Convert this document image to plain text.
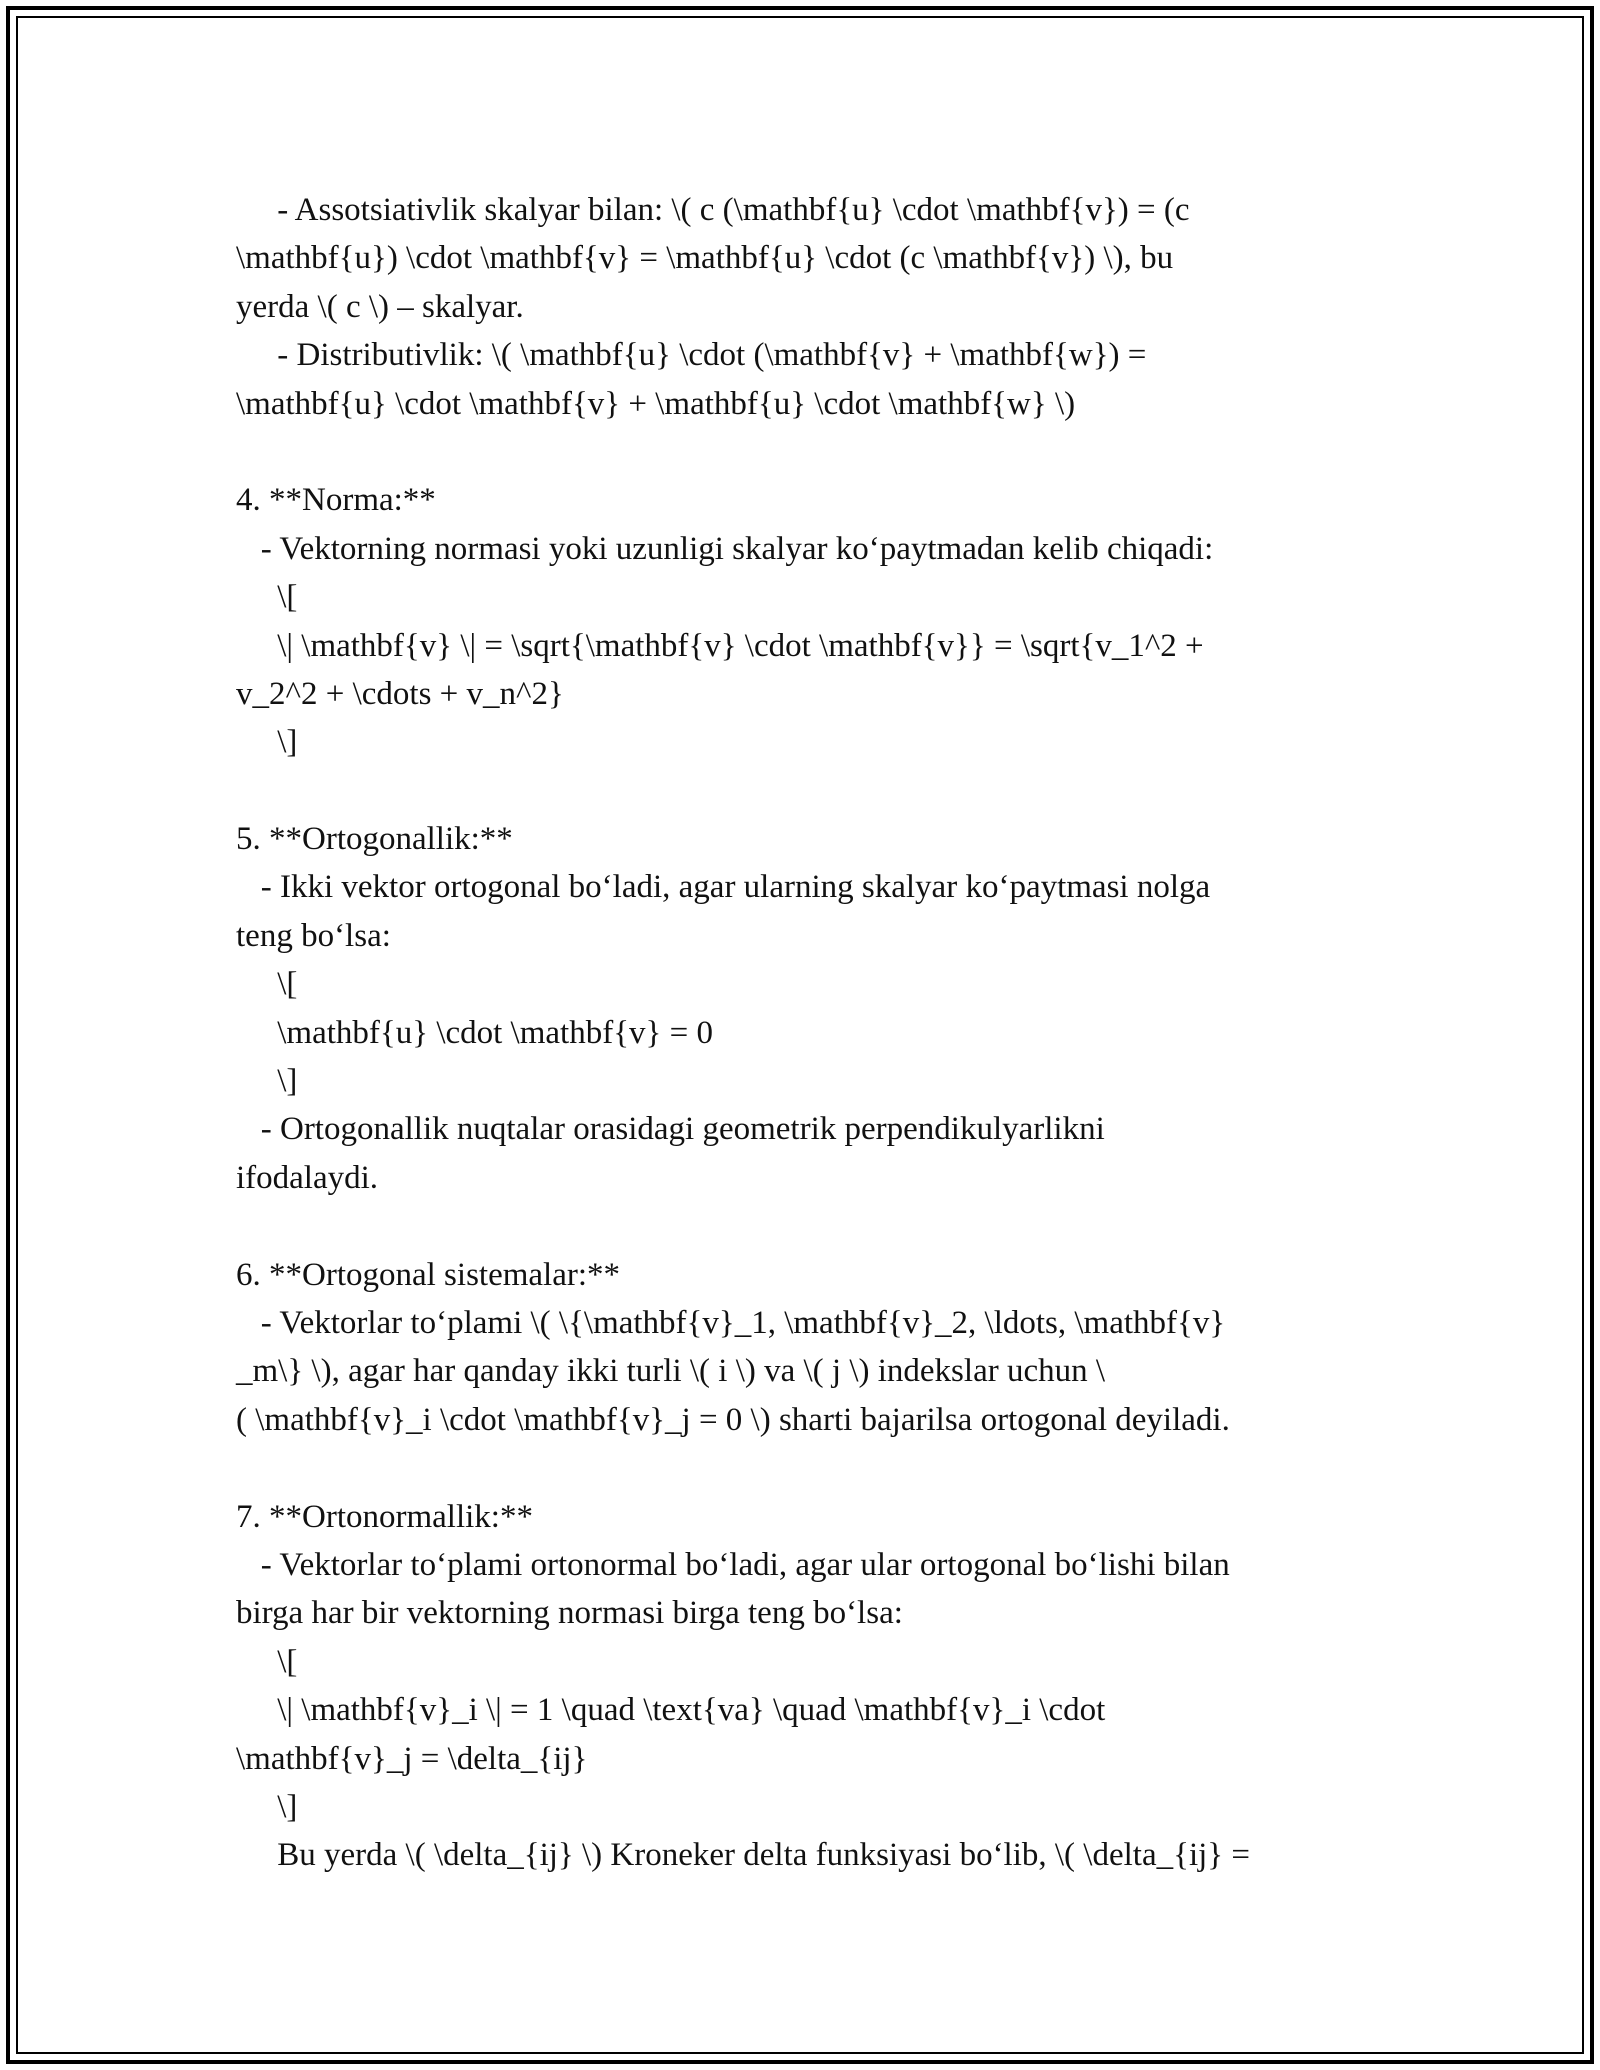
- Assotsiativlik skalyar bilan: \( c (\mathbf{u} \cdot \mathbf{v}) = (c
\mathbf{u}) \cdot \mathbf{v} = \mathbf{u} \cdot (c \mathbf{v}) \), bu
yerda \( c \) – skalyar.
- Distributivlik: \( \mathbf{u} \cdot (\mathbf{v} + \mathbf{w}) =
\mathbf{u} \cdot \mathbf{v} + \mathbf{u} \cdot \mathbf{w} \)
4. **Norma:**
- Vektorning normasi yoki uzunligi skalyar ko‘paytmadan kelib chiqadi:
\[
\| \mathbf{v} \| = \sqrt{\mathbf{v} \cdot \mathbf{v}} = \sqrt{v_1^2 +
v_2^2 + \cdots + v_n^2}
\]
5. **Ortogonallik:**
- Ikki vektor ortogonal bo‘ladi, agar ularning skalyar ko‘paytmasi nolga
teng bo‘lsa:
\[
\mathbf{u} \cdot \mathbf{v} = 0
\]
- Ortogonallik nuqtalar orasidagi geometrik perpendikulyarlikni
ifodalaydi.
6. **Ortogonal sistemalar:**
- Vektorlar to‘plami \( \{\mathbf{v}_1, \mathbf{v}_2, \ldots, \mathbf{v}
_m\} \), agar har qanday ikki turli \( i \) va \( j \) indekslar uchun \
( \mathbf{v}_i \cdot \mathbf{v}_j = 0 \) sharti bajarilsa ortogonal deyiladi.
7. **Ortonormallik:**
- Vektorlar to‘plami ortonormal bo‘ladi, agar ular ortogonal bo‘lishi bilan
birga har bir vektorning normasi birga teng bo‘lsa:
\[
\| \mathbf{v}_i \| = 1 \quad \text{va} \quad \mathbf{v}_i \cdot
\mathbf{v}_j = \delta_{ij}
\]
Bu yerda \( \delta_{ij} \) Kroneker delta funksiyasi bo‘lib, \( \delta_{ij} =
